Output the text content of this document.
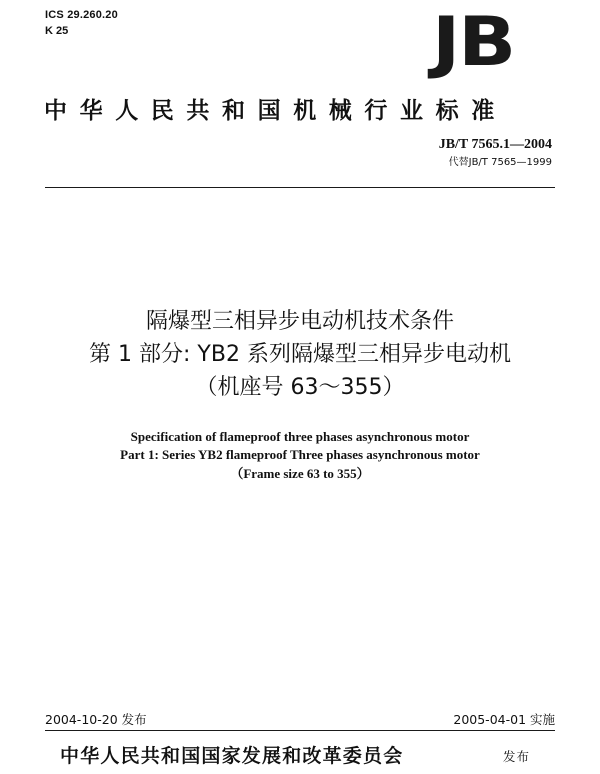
ICS 29.260.20
K 25	JB
中华人民共和国机械行业标准
JB/T 7565.1—2004
代替JB/T 7565—1999
隔爆型三相异步电动机技术条件
第 1 部分: YB2 系列隔爆型三相异步电动机
（机座号 63～355）
Specification of flameproof three phases asynchronous motor
Part 1: Series YB2 flameproof Three phases asynchronous motor
（Frame size 63 to 355）
2004-10-20 发布	2005-04-01 实施
中华人民共和国国家发展和改革委员会	发布
